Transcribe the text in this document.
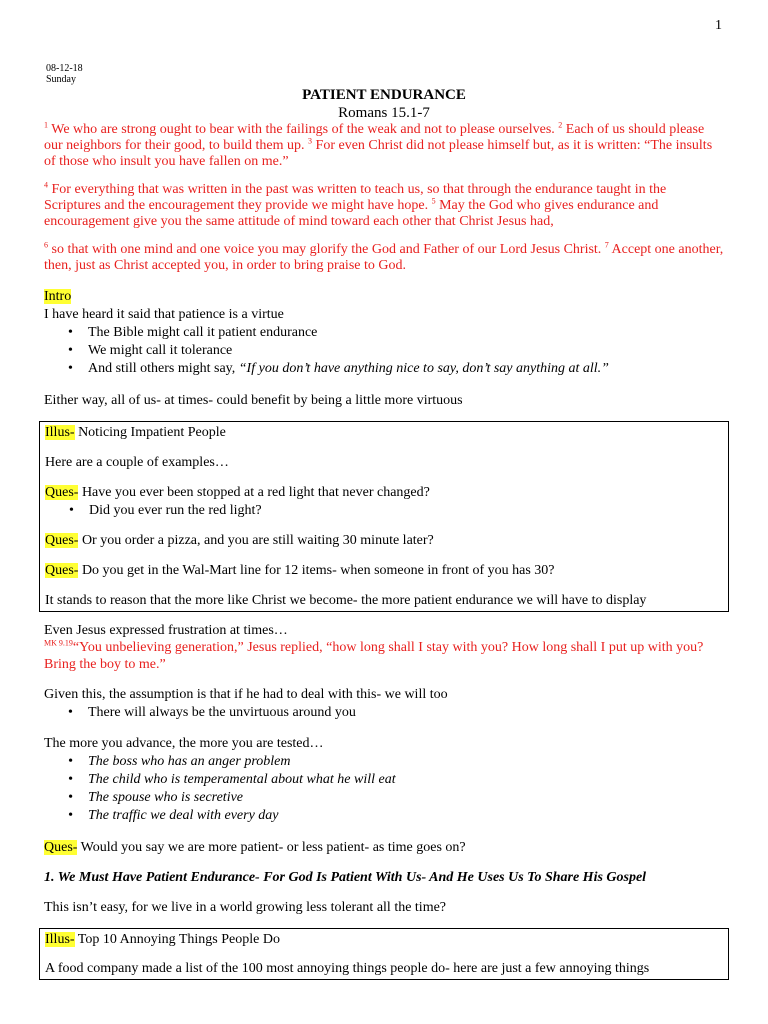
1
08-12-18
Sunday
PATIENT ENDURANCE
Romans 15.1-7
$^1$ We who are strong ought to bear with the failings of the weak and not to please ourselves. $^2$ Each of us should please our neighbors for their good, to build them up. $^3$ For even Christ did not please himself but, as it is written: “The insults of those who insult you have fallen on me.”
$^4$ For everything that was written in the past was written to teach us, so that through the endurance taught in the Scriptures and the encouragement they provide we might have hope. $^5$ May the God who gives endurance and encouragement give you the same attitude of mind toward each other that Christ Jesus had,
$^6$ so that with one mind and one voice you may glorify the God and Father of our Lord Jesus Christ. $^7$ Accept one another, then, just as Christ accepted you, in order to bring praise to God.
Intro
I have heard it said that patience is a virtue
• The Bible might call it patient endurance
• We might call it tolerance
• And still others might say, “If you don’t have anything nice to say, don’t say anything at all.”
Either way, all of us- at times- could benefit by being a little more virtuous

Illus- Noticing Impatient People

Here are a couple of examples…

Ques- Have you ever been stopped at a red light that never changed?

• Did you ever run the red light?

Ques- Or you order a pizza, and you are still waiting 30 minute later?

Ques- Do you get in the Wal-Mart line for 12 items- when someone in front of you has 30?

It stands to reason that the more like Christ we become- the more patient endurance we will have to display

Even Jesus expressed frustration at times…
$^{MK 9.19}$“You unbelieving generation,” Jesus replied, “how long shall I stay with you? How long shall I put up with you? Bring the boy to me.”
Given this, the assumption is that if he had to deal with this- we will too
• There will always be the unvirtuous around you
The more you advance, the more you are tested…
• The boss who has an anger problem
• The child who is temperamental about what he will eat
• The spouse who is secretive
• The traffic we deal with every day
Ques- Would you say we are more patient- or less patient- as time goes on?
1. We Must Have Patient Endurance- For God Is Patient With Us- And He Uses Us To Share His Gospel
This isn’t easy, for we live in a world growing less tolerant all the time?

Illus- Top 10 Annoying Things People Do

A food company made a list of the 100 most annoying things people do- here are just a few annoying things
